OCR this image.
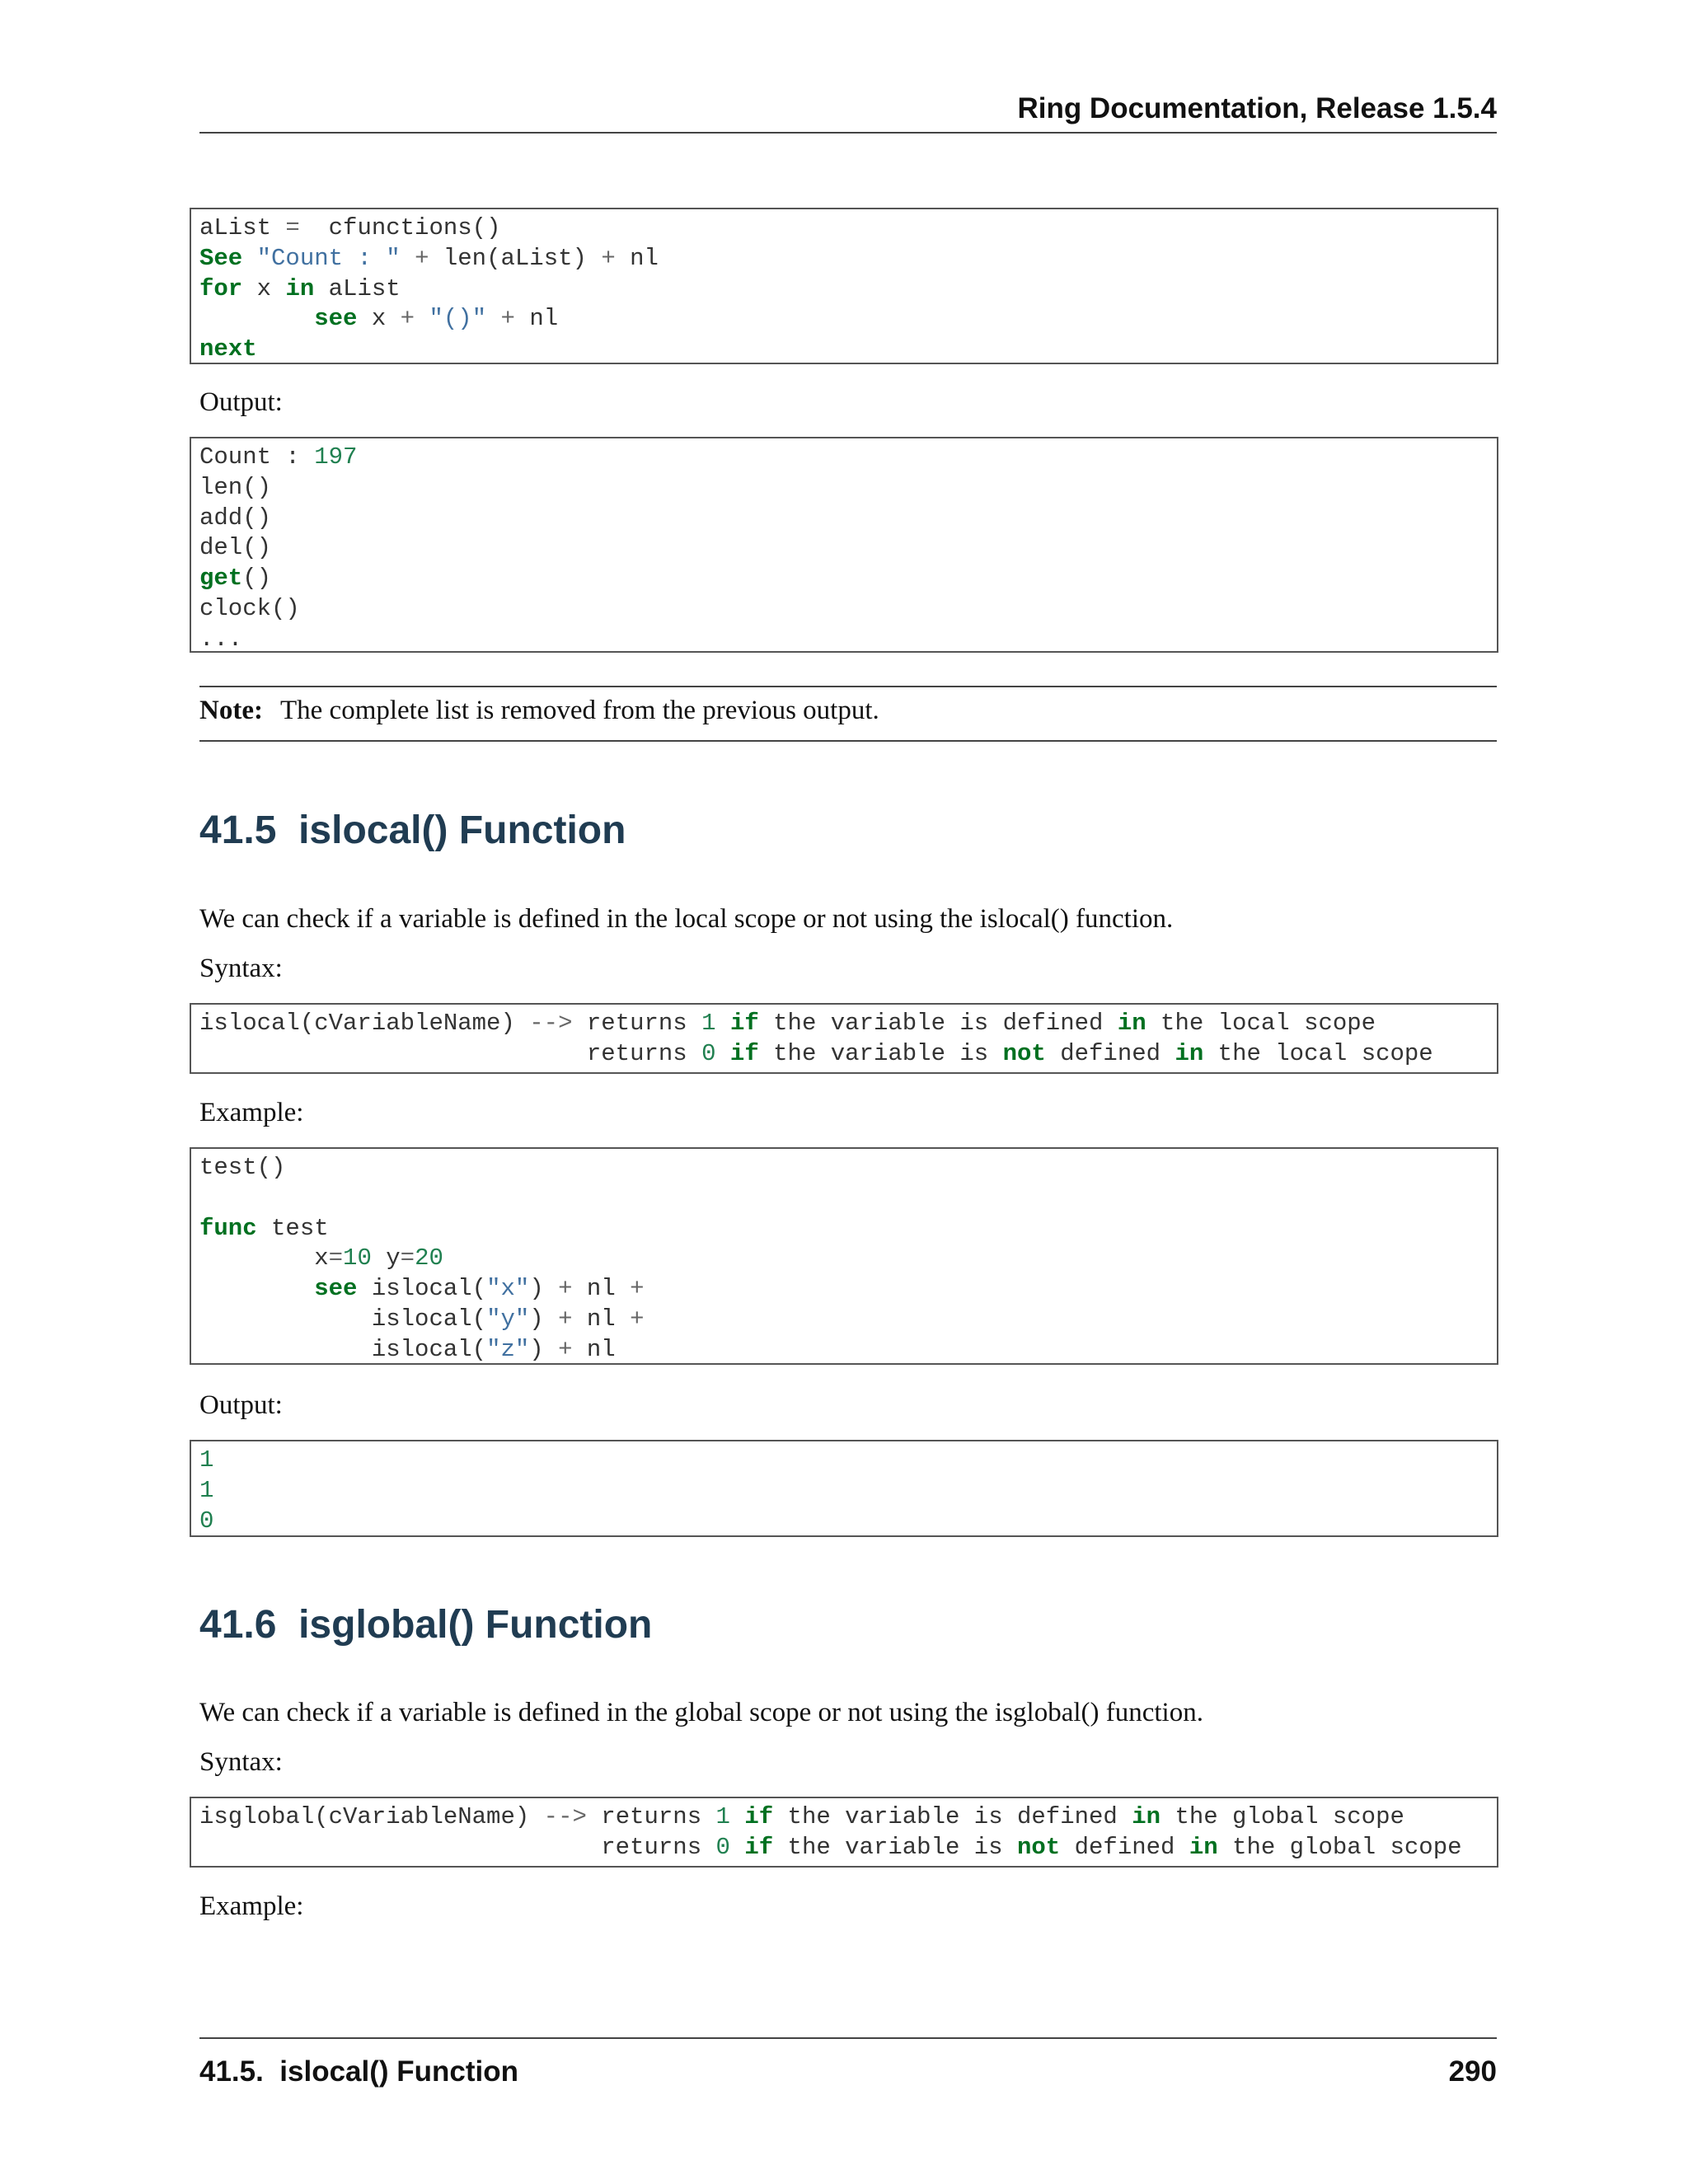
Ring Documentation, Release 1.5.4
aList =  cfunctions()
See "Count : " + len(aList) + nl
for x in aList
see x + "()" + nl
next
Output:
Count : 197
len()
add()
del()
get()
clock()
...
Note: The complete list is removed from the previous output.
41.5 islocal() Function
We can check if a variable is defined in the local scope or not using the islocal() function.
Syntax:
islocal(cVariableName) --> returns 1 if the variable is defined in the local scope
returns 0 if the variable is not defined in the local scope
Example:
test()
func test
x=10 y=20
see islocal("x") + nl +
islocal("y") + nl +
islocal("z") + nl
Output:
1
1
0
41.6 isglobal() Function
We can check if a variable is defined in the global scope or not using the isglobal() function.
Syntax:
isglobal(cVariableName) --> returns 1 if the variable is defined in the global scope
returns 0 if the variable is not defined in the global scope
Example:
41.5.  islocal() Function	290
